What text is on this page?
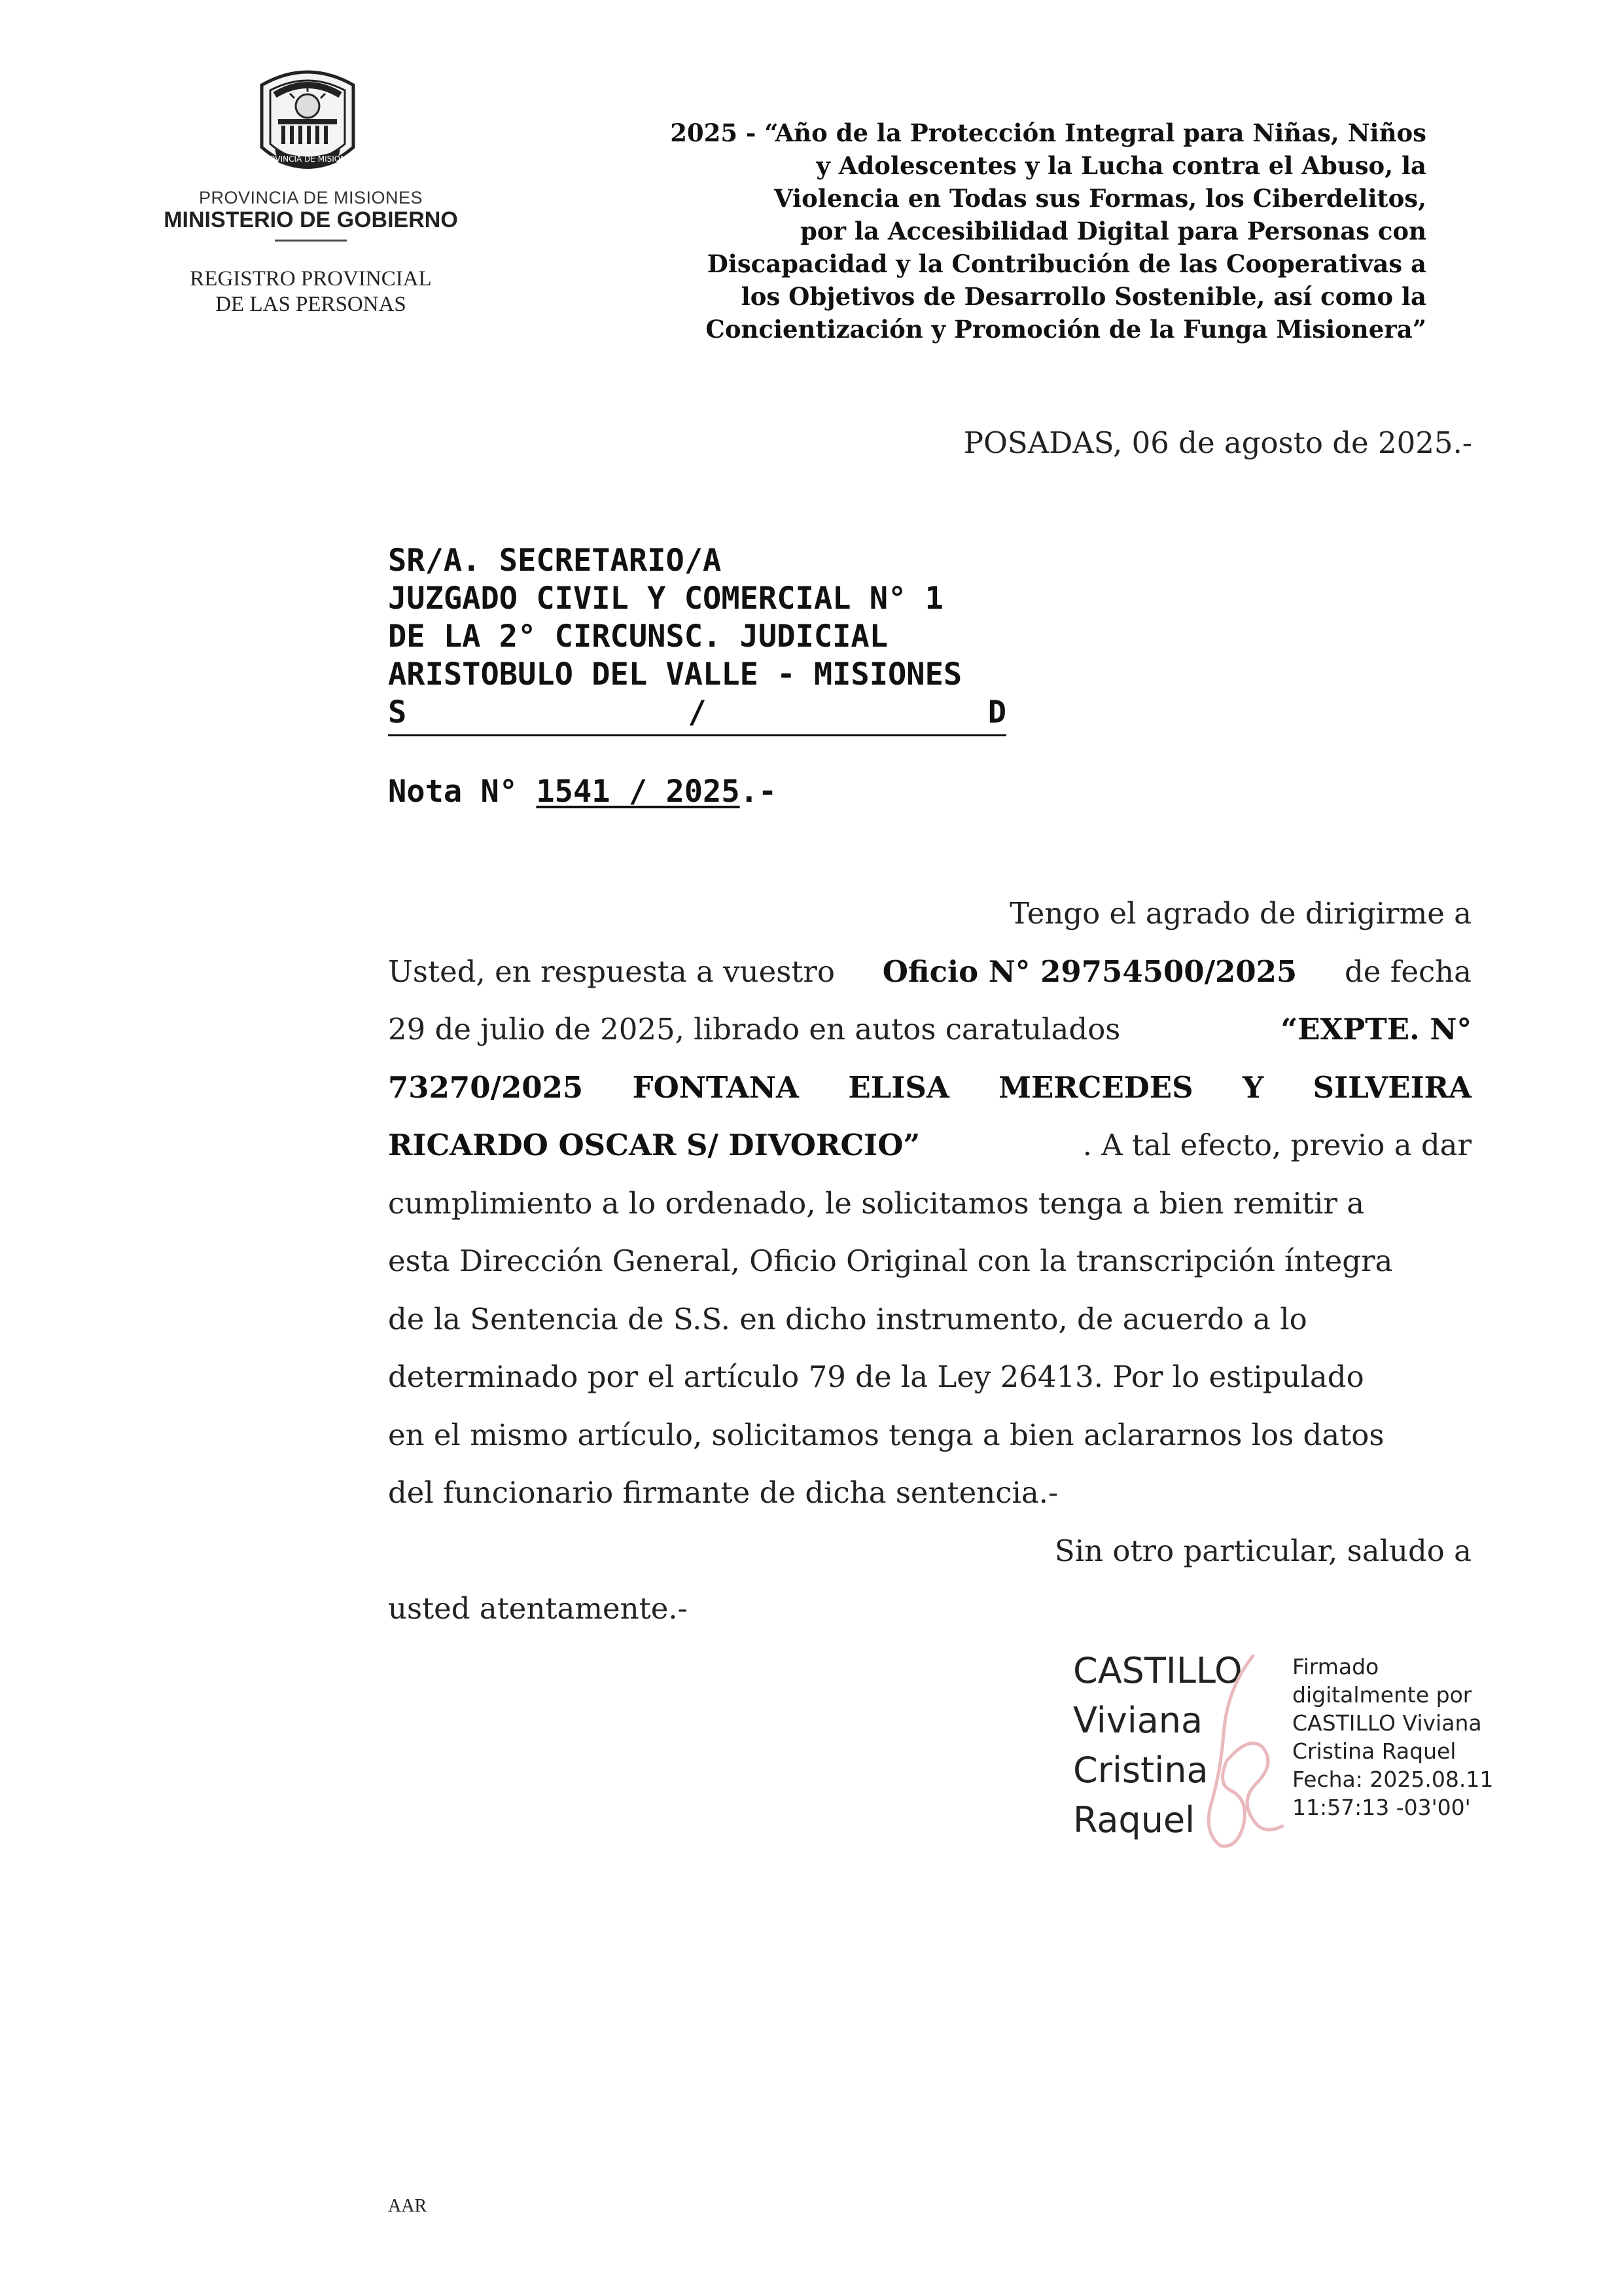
PROVINCIA DE MISIONES
PROVINCIA DE MISIONES
MINISTERIO DE GOBIERNO
REGISTRO PROVINCIAL
DE LAS PERSONAS
2025 - “Año de la Protección Integral para Niñas, Niños
y Adolescentes y la Lucha contra el Abuso, la
Violencia en Todas sus Formas, los Ciberdelitos,
por la Accesibilidad Digital para Personas con
Discapacidad y la Contribución de las Cooperativas a
los Objetivos de Desarrollo Sostenible, así como la
Concientización y Promoción de la Funga Misionera”
POSADAS, 06 de agosto de 2025.-
SR/A. SECRETARIO/A
JUZGADO CIVIL Y COMERCIAL N° 1
DE LA 2° CIRCUNSC. JUDICIAL
ARISTOBULO DEL VALLE - MISIONES
S	/	D
Nota N° 1541 / 2025.-
Tengo el agrado de dirigirme a
Usted, en respuesta a vuestro Oficio N° 29754500/2025 de fecha
29 de julio de 2025, librado en autos caratulados	“EXPTE. N°
73270/2025 FONTANA ELISA MERCEDES Y SILVEIRA
RICARDO OSCAR S/ DIVORCIO”	. A tal efecto, previo a dar
cumplimiento a lo ordenado, le solicitamos tenga a bien remitir a
esta Dirección General, Oficio Original con la transcripción íntegra
de la Sentencia de S.S. en dicho instrumento, de acuerdo a lo
determinado por el artículo 79 de la Ley 26413. Por lo estipulado
en el mismo artículo, solicitamos tenga a bien aclararnos los datos
del funcionario firmante de dicha sentencia.-
Sin otro particular, saludo a
usted atentamente.-
CASTILLO
Viviana
Cristina
Raquel
Firmado
digitalmente por
CASTILLO Viviana
Cristina Raquel
Fecha: 2025.08.11
11:57:13 -03'00'
AAR
